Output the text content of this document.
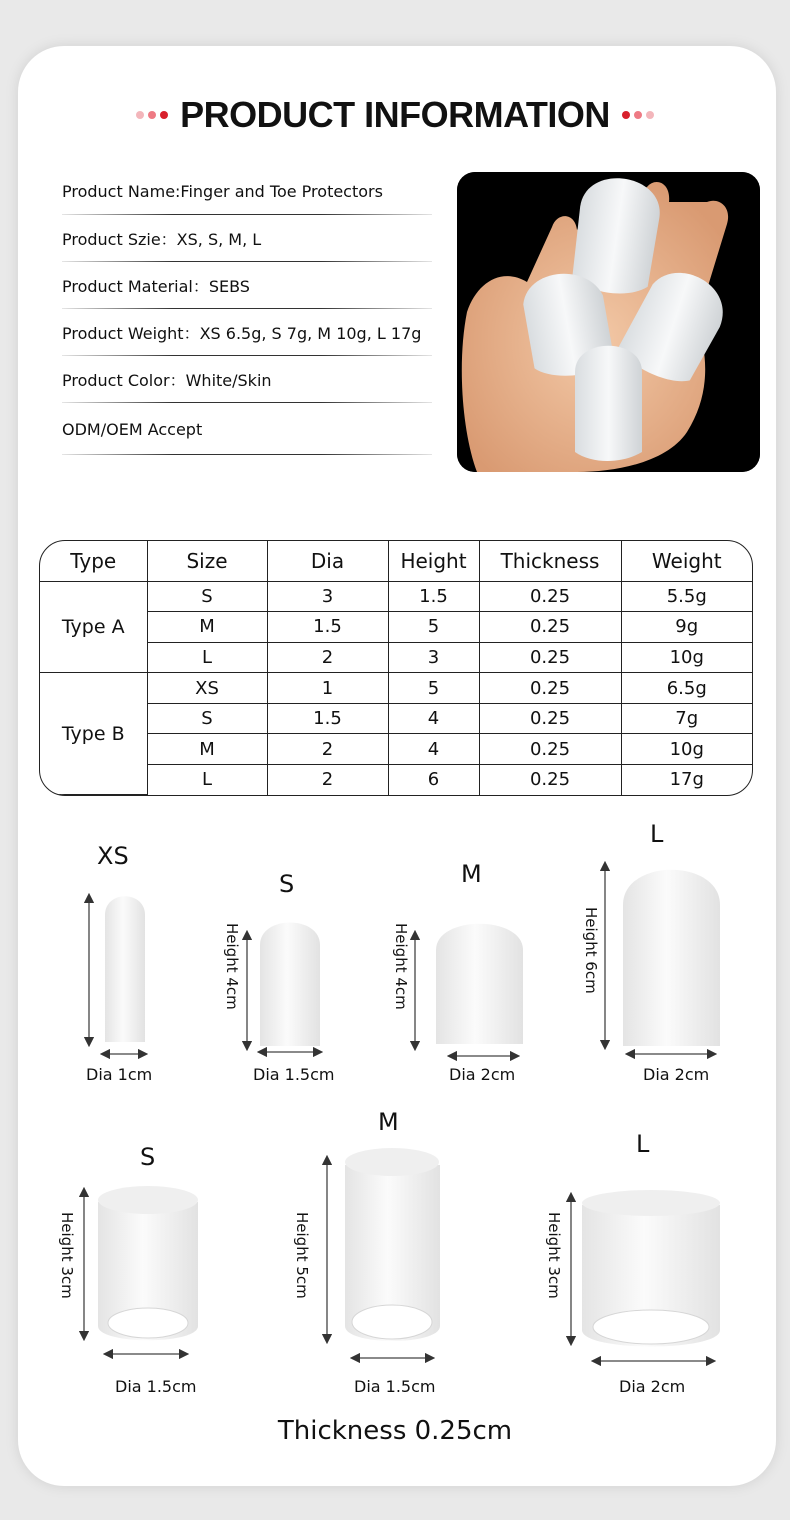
PRODUCT INFORMATION
Product Name:Finger and Toe Protectors
Product Szie：XS, S, M, L
Product Material：SEBS
Product Weight：XS 6.5g, S 7g, M 10g, L 17g
Product Color：White/Skin
ODM/OEM Accept
Type	Size	Dia	Height	Thickness	Weight
Type A	S	3	1.5	0.25	5.5g
	M	1.5	5	0.25	9g
	L	2	3	0.25	10g
Type B	XS	1	5	0.25	6.5g
	S	1.5	4	0.25	7g
	M	2	4	0.25	10g
	L	2	6	0.25	17g
XS
S	M
L
Dia 1cm	Dia 1.5cm	Dia 2cm	Dia 2cm
Height 4cm	Height 4cm	Height 6cm
S
M
L
Height 3cm	Height 5cm	Height 3cm
Dia 1.5cm	Dia 1.5cm	Dia 2cm
Thickness 0.25cm
